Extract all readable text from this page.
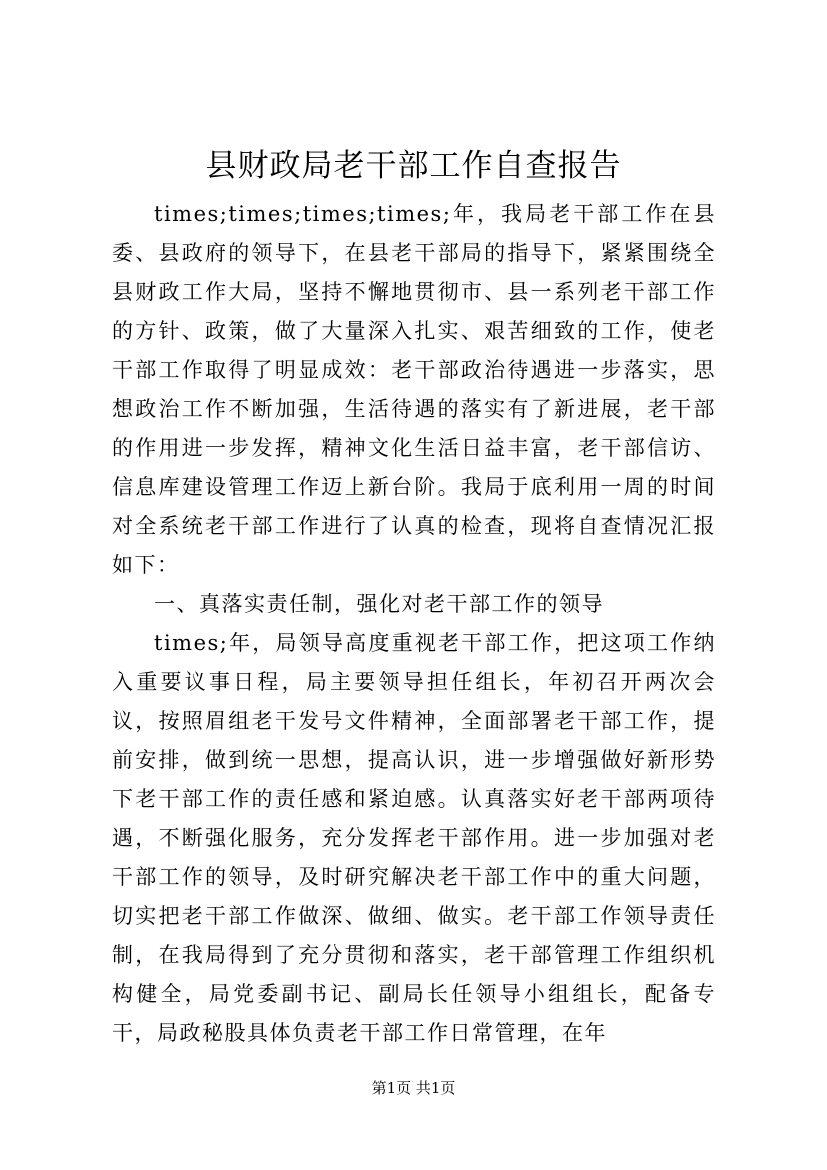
县财政局老干部工作自查报告

times;times;times;times;年，我局老干部工作在县委、县政府的领导下，在县老干部局的指导下，紧紧围绕全县财政工作大局，坚持不懈地贯彻市、县一系列老干部工作的方针、政策，做了大量深入扎实、艰苦细致的工作，使老干部工作取得了明显成效：老干部政治待遇进一步落实，思想政治工作不断加强，生活待遇的落实有了新进展，老干部的作用进一步发挥，精神文化生活日益丰富，老干部信访、信息库建设管理工作迈上新台阶。我局于底利用一周的时间对全系统老干部工作进行了认真的检查，现将自查情况汇报如下：

一、真落实责任制，强化对老干部工作的领导

times;年，局领导高度重视老干部工作，把这项工作纳入重要议事日程，局主要领导担任组长，年初召开两次会议，按照眉组老干发号文件精神，全面部署老干部工作，提前安排，做到统一思想，提高认识，进一步增强做好新形势下老干部工作的责任感和紧迫感。认真落实好老干部两项待遇，不断强化服务，充分发挥老干部作用。进一步加强对老干部工作的领导，及时研究解决老干部工作中的重大问题，切实把老干部工作做深、做细、做实。老干部工作领导责任制，在我局得到了充分贯彻和落实，老干部管理工作组织机构健全，局党委副书记、副局长任领导小组组长，配备专干，局政秘股具体负责老干部工作日常管理，在年

第1页 共1页
